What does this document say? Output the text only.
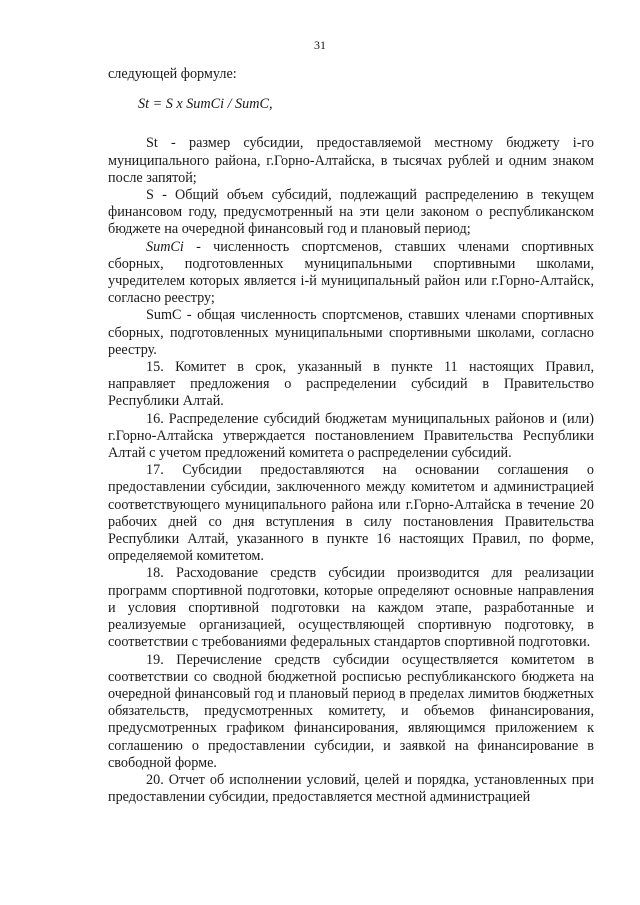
31

следующей формуле:

St = S x SumCi / SumC,

St - размер субсидии, предоставляемой местному бюджету i-го муниципального района, г.Горно-Алтайска, в тысячах рублей и одним знаком после запятой;

S - Общий объем субсидий, подлежащий распределению в текущем финансовом году, предусмотренный на эти цели законом о республиканском бюджете на очередной финансовый год и плановый период;

SumCi - численность спортсменов, ставших членами спортивных сборных, подготовленных муниципальными спортивными школами, учредителем которых является i-й муниципальный район или г.Горно-Алтайск, согласно реестру;

SumC - общая численность спортсменов, ставших членами спортивных сборных, подготовленных муниципальными спортивными школами, согласно реестру.

15. Комитет в срок, указанный в пункте 11 настоящих Правил, направляет предложения о распределении субсидий в Правительство Республики Алтай.

16. Распределение субсидий бюджетам муниципальных районов и (или) г.Горно-Алтайска утверждается постановлением Правительства Республики Алтай с учетом предложений комитета о распределении субсидий.

17. Субсидии предоставляются на основании соглашения о предоставлении субсидии, заключенного между комитетом и администрацией соответствующего муниципального района или г.Горно-Алтайска в течение 20 рабочих дней со дня вступления в силу постановления Правительства Республики Алтай, указанного в пункте 16 настоящих Правил, по форме, определяемой комитетом.

18. Расходование средств субсидии производится для реализации программ спортивной подготовки, которые определяют основные направления и условия спортивной подготовки на каждом этапе, разработанные и реализуемые организацией, осуществляющей спортивную подготовку, в соответствии с требованиями федеральных стандартов спортивной подготовки.

19. Перечисление средств субсидии осуществляется комитетом в соответствии со сводной бюджетной росписью республиканского бюджета на очередной финансовый год и плановый период в пределах лимитов бюджетных обязательств, предусмотренных комитету, и объемов финансирования, предусмотренных графиком финансирования, являющимся приложением к соглашению о предоставлении субсидии, и заявкой на финансирование в свободной форме.

20. Отчет об исполнении условий, целей и порядка, установленных при предоставлении субсидии, предоставляется местной администрацией
